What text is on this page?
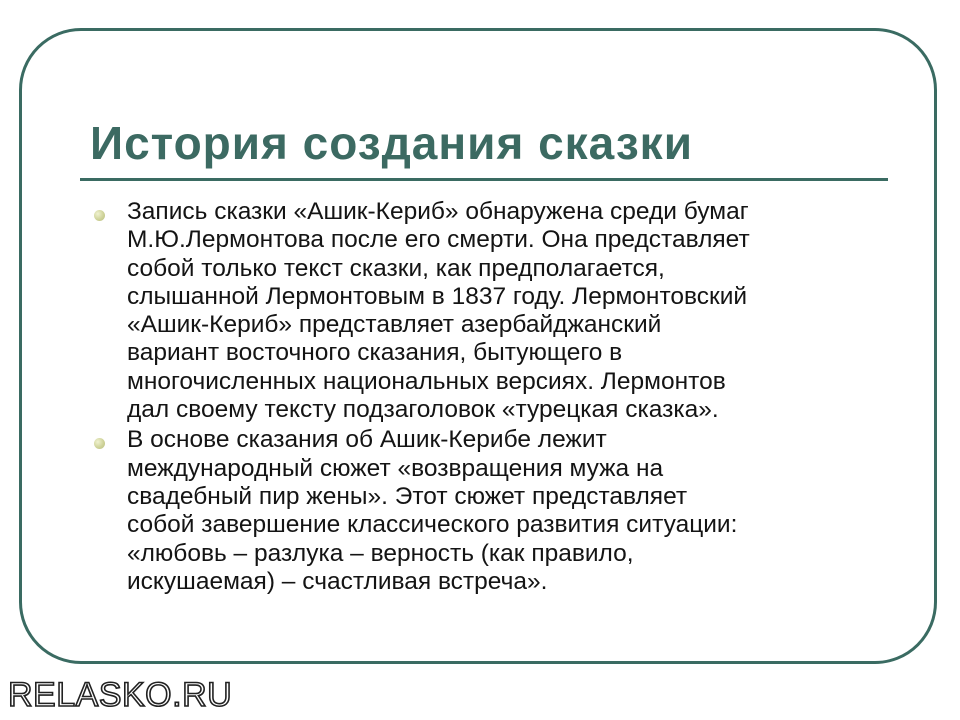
История создания сказки
Запись сказки «Ашик-Кериб» обнаружена среди бумаг
М.Ю.Лермонтова после его смерти. Она представляет
собой только текст сказки, как предполагается,
слышанной Лермонтовым в 1837 году. Лермонтовский
«Ашик-Кериб» представляет азербайджанский
вариант восточного сказания, бытующего в
многочисленных национальных версиях. Лермонтов
дал своему тексту подзаголовок «турецкая сказка».
В основе сказания об Ашик-Керибе лежит
международный сюжет «возвращения мужа на
свадебный пир жены». Этот сюжет представляет
собой завершение классического развития ситуации:
«любовь – разлука – верность (как правило,
искушаемая) – счастливая встреча».
RELASKO.RU
